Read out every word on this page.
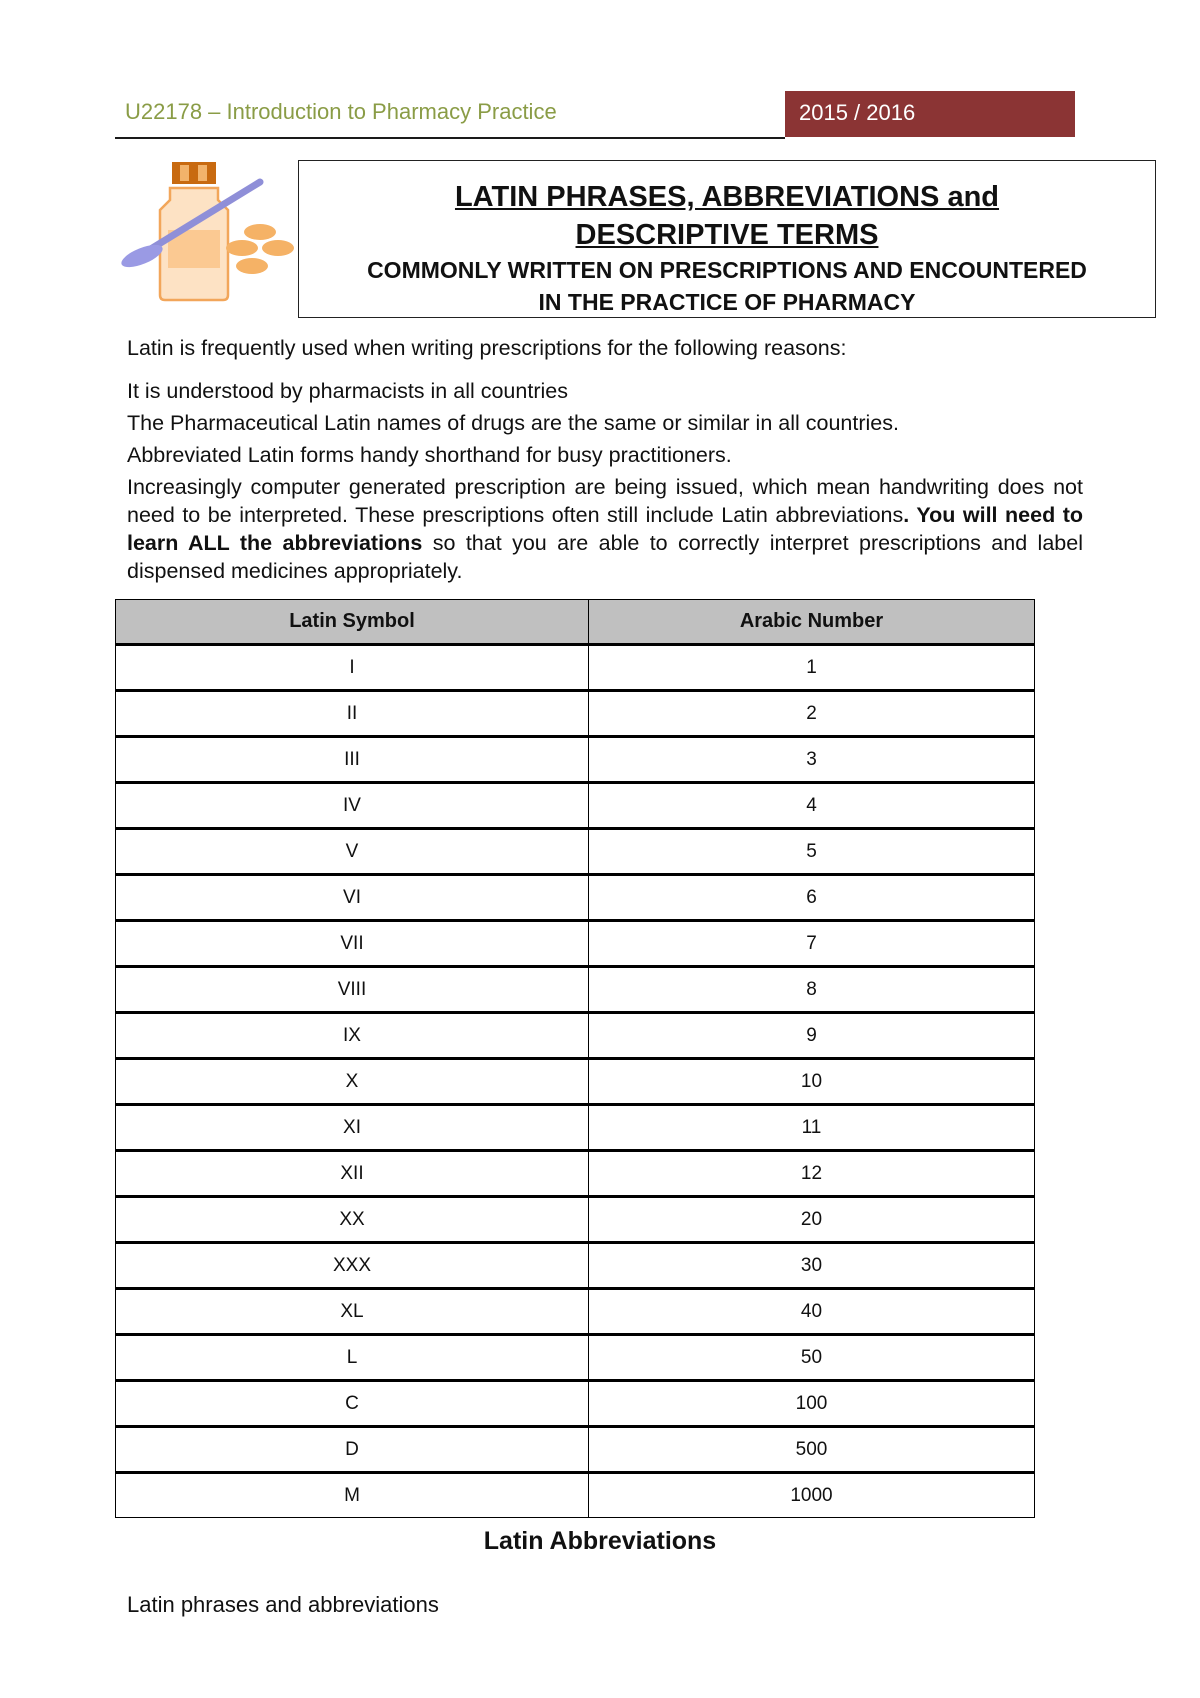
U22178 – Introduction to Pharmacy Practice	2015 / 2016
LATIN PHRASES, ABBREVIATIONS and DESCRIPTIVE TERMS
COMMONLY WRITTEN ON PRESCRIPTIONS AND ENCOUNTERED
IN THE PRACTICE OF PHARMACY
Latin is frequently used when writing prescriptions for the following reasons:
It is understood by pharmacists in all countries
The Pharmaceutical Latin names of drugs are the same or similar in all countries.
Abbreviated Latin forms handy shorthand for busy practitioners.
Increasingly computer generated prescription are being issued, which mean handwriting does not need to be interpreted. These prescriptions often still include Latin abbreviations. You will need to learn ALL the abbreviations so that you are able to correctly interpret prescriptions and label dispensed medicines appropriately.
Latin Symbol	Arabic Number
I	1
II	2
III	3
IV	4
V	5
VI	6
VII	7
VIII	8
IX	9
X	10
XI	11
XII	12
XX	20
XXX	30
XL	40
L	50
C	100
D	500
M	1000
Latin Abbreviations
Latin phrases and abbreviations
